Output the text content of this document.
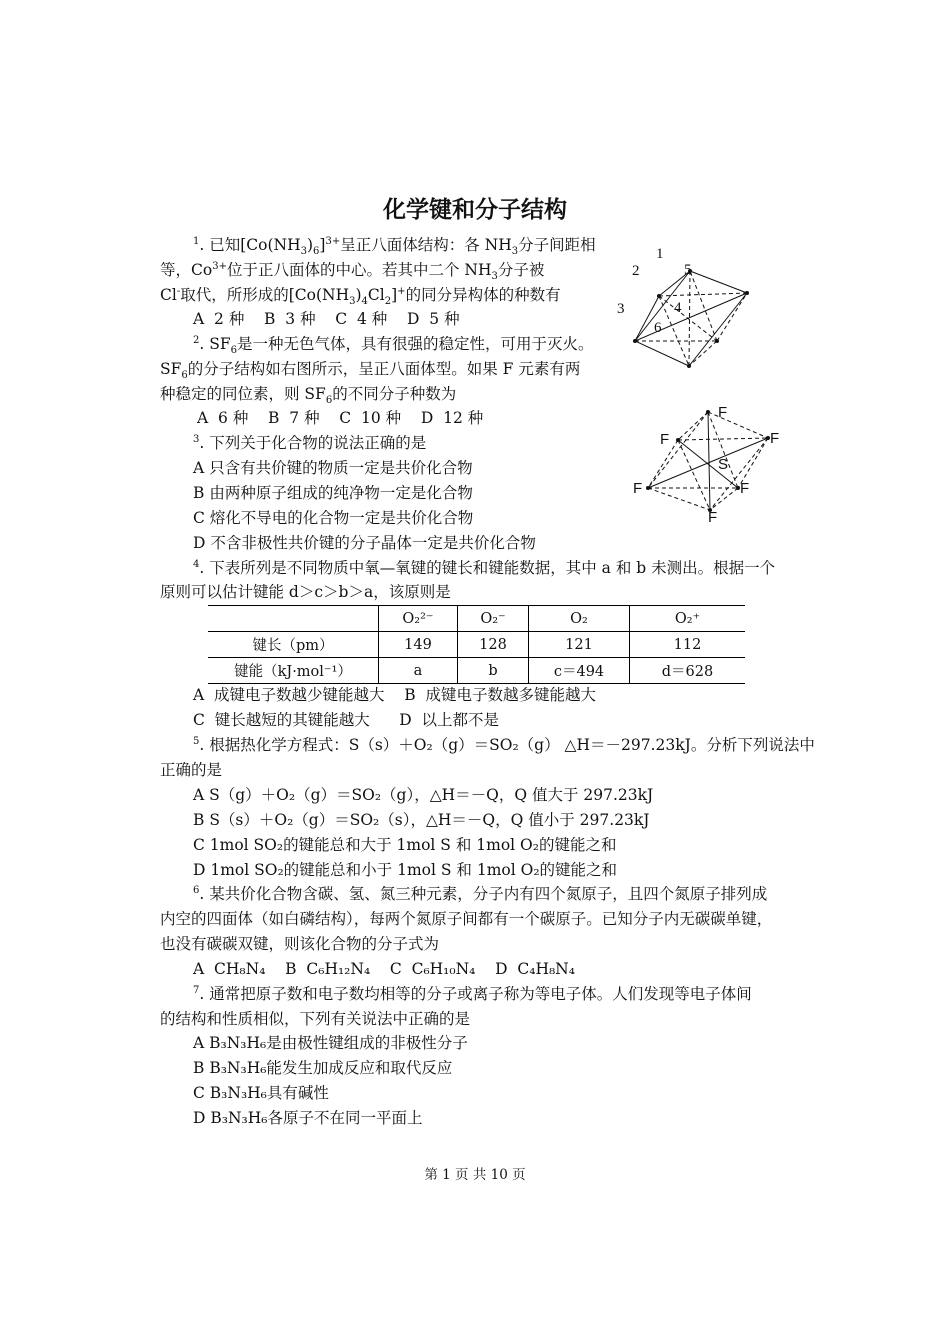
化学键和分子结构
$^1$. 已知$[Co(NH_3)_6]^{3+}$呈正八面体结构：各 $NH_3$分子间距相
等，$Co^{3+}$位于正八面体的中心。若其中二个 $NH_3$分子被
Cl-取代，所形成的$[Co(NH_3)_4Cl_2]^+$的同分异构体的种数有
A  2 种    B  3 种    C  4 种    D  5 种
$^2$. $SF_6$是一种无色气体，具有很强的稳定性，可用于灭火。
$SF_6$的分子结构如右图所示，呈正八面体型。如果 F 元素有两
种稳定的同位素，则 $SF_6$的不同分子种数为
A  6 种    B  7 种    C  10 种    D  12 种
$^3$. 下列关于化合物的说法正确的是
A 只含有共价键的物质一定是共价化合物
B 由两种原子组成的纯净物一定是化合物
C 熔化不导电的化合物一定是共价化合物
D 不含非极性共价键的分子晶体一定是共价化合物
$^4$. 下表所列是不同物质中氧—氧键的键长和键能数据，其中 a 和 b 未测出。根据一个
原则可以估计键能 d＞c＞b＞a，该原则是
	O₂²⁻	O₂⁻	O₂	O₂⁺
键长（pm）	149	128	121	112
键能（kJ·mol⁻¹）	a	b	c＝494	d＝628
A  成键电子数越少键能越大    B  成键电子数越多键能越大
C  键长越短的其键能越大      D  以上都不是
$^5$. 根据热化学方程式：S（s）＋O₂（g）＝SO₂（g） △H＝－297.23kJ。分析下列说法中
正确的是
A S（g）＋O₂（g）＝SO₂（g），△H＝－Q，Q 值大于 297.23kJ
B S（s）＋O₂（g）＝SO₂（s），△H＝－Q，Q 值小于 297.23kJ
C 1mol SO₂的键能总和大于 1mol S 和 1mol O₂的键能之和
D 1mol SO₂的键能总和小于 1mol S 和 1mol O₂的键能之和
$^6$. 某共价化合物含碳、氢、氮三种元素，分子内有四个氮原子，且四个氮原子排列成
内空的四面体（如白磷结构），每两个氮原子间都有一个碳原子。已知分子内无碳碳单键，
也没有碳碳双键，则该化合物的分子式为
A  CH₈N₄    B  C₆H₁₂N₄    C  C₆H₁₀N₄    D  C₄H₈N₄
$^7$. 通常把原子数和电子数均相等的分子或离子称为等电子体。人们发现等电子体间
的结构和性质相似，下列有关说法中正确的是
A B₃N₃H₆是由极性键组成的非极性分子
B B₃N₃H₆能发生加成反应和取代反应
C B₃N₃H₆具有碱性
D B₃N₃H₆各原子不在同一平面上
1
2
3	4
5
6
F
F	F
F	F
F
S
第 1 页 共 10 页
